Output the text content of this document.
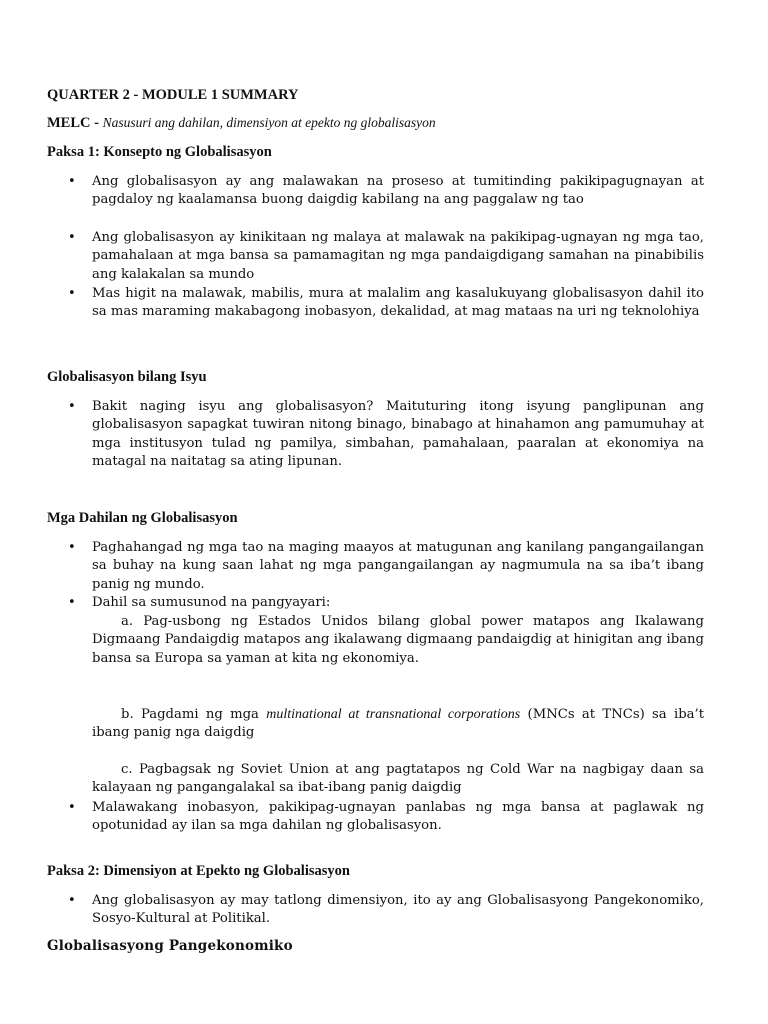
QUARTER 2 - MODULE 1 SUMMARY
MELC - Nasusuri ang dahilan, dimensiyon at epekto ng globalisasyon
Paksa 1: Konsepto ng Globalisasyon

• Ang globalisasyon ay ang malawakan na proseso at tumitinding pakikipagugnayan at pagdaloy ng kaalamansa buong daigdig kabilang na ang paggalaw ng tao

• Ang globalisasyon ay kinikitaan ng malaya at malawak na pakikipag-ugnayan ng mga tao, pamahalaan at mga bansa sa pamamagitan ng mga pandaigdigang samahan na pinabibilis ang kalakalan sa mundo

• Mas higit na malawak, mabilis, mura at malalim ang kasalukuyang globalisasyon dahil ito sa mas maraming makabagong inobasyon, dekalidad, at mag mataas na uri ng teknolohiya

Globalisasyon bilang Isyu

• Bakit naging isyu ang globalisasyon? Maituturing itong isyung panglipunan ang globalisasyon sapagkat tuwiran nitong binago, binabago at hinahamon ang pamumuhay at mga institusyon tulad ng pamilya, simbahan, pamahalaan, paaralan at ekonomiya na matagal na naitatag sa ating lipunan.

Mga Dahilan ng Globalisasyon

• Paghahangad ng mga tao na maging maayos at matugunan ang kanilang pangangailangan sa buhay na kung saan lahat ng mga pangangailangan ay nagmumula na sa iba’t ibang panig ng mundo.

• Dahil sa sumusunod na pangyayari:

a. Pag-usbong ng Estados Unidos bilang global power matapos ang Ikalawang Digmaang Pandaigdig matapos ang ikalawang digmaang pandaigdig at hinigitan ang ibang bansa sa Europa sa yaman at kita ng ekonomiya.

b. Pagdami ng mga multinational at transnational corporations (MNCs at TNCs) sa iba’t ibang panig nga daigdig

c. Pagbagsak ng Soviet Union at ang pagtatapos ng Cold War na nagbigay daan sa kalayaan ng pangangalakal sa ibat-ibang panig daigdig

• Malawakang inobasyon, pakikipag-ugnayan panlabas ng mga bansa at paglawak ng opotunidad ay ilan sa mga dahilan ng globalisasyon.

Paksa 2: Dimensiyon at Epekto ng Globalisasyon

• Ang globalisasyon ay may tatlong dimensiyon, ito ay ang Globalisasyong Pangekonomiko, Sosyo-Kultural at Politikal.

Globalisasyong Pangekonomiko
